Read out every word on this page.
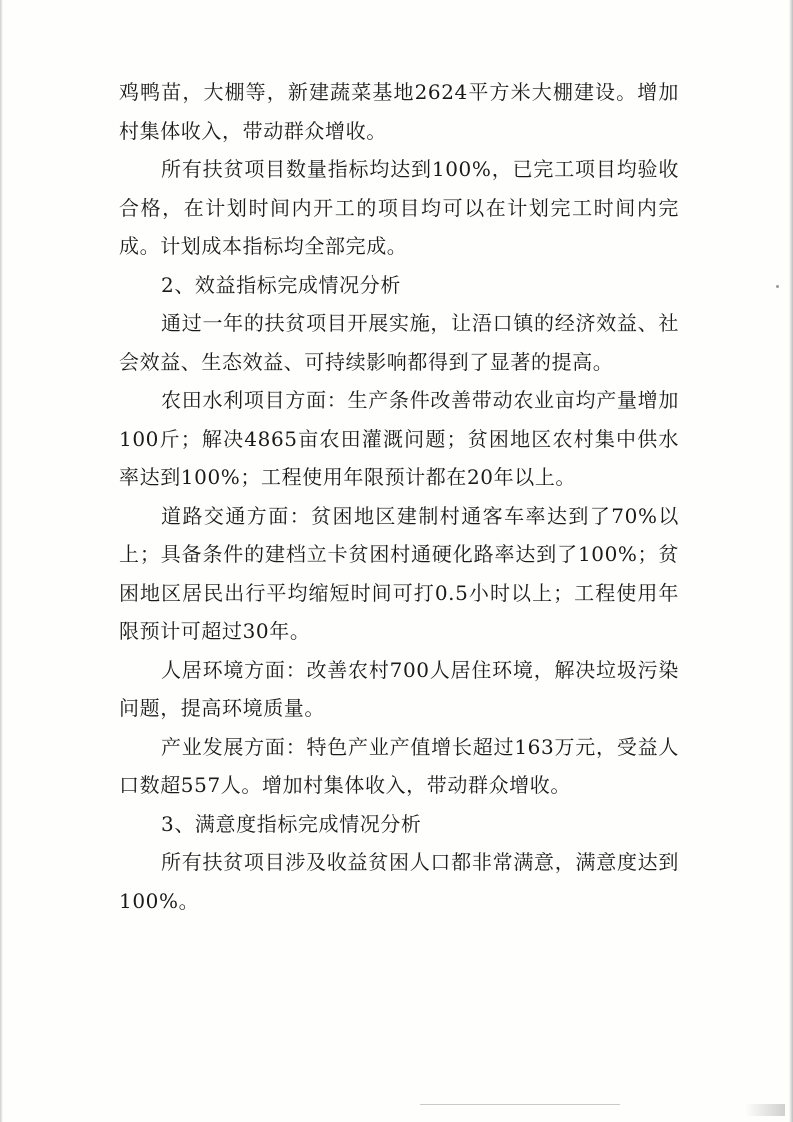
鸡鸭苗，大棚等，新建蔬菜基地2624平方米大棚建设。增加村集体收入，带动群众增收。

所有扶贫项目数量指标均达到100%，已完工项目均验收合格，在计划时间内开工的项目均可以在计划完工时间内完成。计划成本指标均全部完成。

2、效益指标完成情况分析

通过一年的扶贫项目开展实施，让浯口镇的经济效益、社会效益、生态效益、可持续影响都得到了显著的提高。

农田水利项目方面：生产条件改善带动农业亩均产量增加100斤；解决4865亩农田灌溉问题；贫困地区农村集中供水率达到100%；工程使用年限预计都在20年以上。

道路交通方面：贫困地区建制村通客车率达到了70%以上；具备条件的建档立卡贫困村通硬化路率达到了100%；贫困地区居民出行平均缩短时间可打0.5小时以上；工程使用年限预计可超过30年。

人居环境方面：改善农村700人居住环境，解决垃圾污染问题，提高环境质量。

产业发展方面：特色产业产值增长超过163万元，受益人口数超557人。增加村集体收入，带动群众增收。

3、满意度指标完成情况分析

所有扶贫项目涉及收益贫困人口都非常满意，满意度达到100%。
